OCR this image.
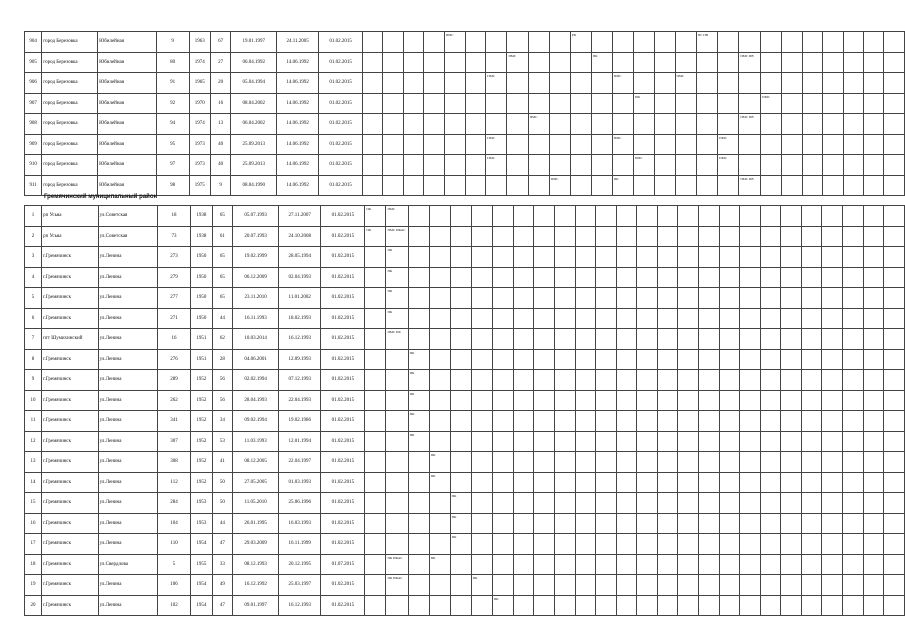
904	город Березовка	Юбилейная	9	1963	67	19.01.1997	24.11.2005	01.02.2015					ПМС						РК						ПС ПВ									
905	город Березовка	Юбилейная	80	1974	27	06.04.1992	14.06.1992	01.02.2015								ПМС				ПК							ПМС ПВ							
906	город Березовка	Юбилейная	91	1965	20	05.04.1994	14.06.1992	01.02.2015							ПМС						ПМС			ПМС										
907	город Березовка	Юбилейная	92	1970	16	08.04.2002	14.06.1992	01.02.2015														ПФ						ПМС						
908	город Березовка	Юбилейная	94	1974	13	06.04.2002	14.06.1992	01.02.2015									ПМС										ПМС ПВ							
909	город Березовка	Юбилейная	95	1973	40	25.09.2013	14.06.1992	01.02.2015							ПМС						ПМС					ПМС								
910	город Березовка	Юбилейная	97	1973	40	25.09.2013	14.06.1992	01.02.2015							ПМС							ПМС				ПМС								
911	город Березовка	Юбилейная	98	1975	9	08.04.1990	14.06.1992	01.02.2015										ПМС			ПК						ПМС ПВ							
Гремячинский муниципальный район
1	рп Усьва	ул.Советская	18	1938	65	05.07.1993	27.11.2007	01.02.2015	ПК	ПМС																								
2	рп Усьва	ул.Советская	73	1938	61	20.07.1993	24.10.2008	01.02.2015	ПК	ПМС ПФАС																								
3	г.Гремячинск	ул.Ленина	273	1950	65	19.02.1999	28.05.1994	01.02.2015		ПК																								
4	г.Гремячинск	ул.Ленина	279	1950	65	06.12.2009	02.04.1993	01.02.2015		ПК																								
5	г.Гремячинск	ул.Ленина	277	1950	65	23.11.2010	11.01.2002	01.02.2015		ПК																								
6	г.Гремячинск	ул.Ленина	271	1950	44	16.11.1993	18.02.1993	01.02.2015		ПК																								
7	пгт Шумихинский	ул.Ленина	16	1951	62	10.03.2014	16.12.1993	01.02.2015		ПМС ПК																								
8	г.Гремячинск	ул.Ленина	276	1951	28	04.06.2001	12.09.1993	01.02.2015			ПК																							
9	г.Гремячинск	ул.Ленина	289	1952	56	02.02.1994	07.12.1993	01.02.2015			ПК																							
10	г.Гремячинск	ул.Ленина	262	1952	56	28.04.1993	22.04.1993	01.02.2015			ПК																							
11	г.Гремячинск	ул.Ленина	341	1952	34	09.02.1994	19.02.1986	01.02.2015			ПК																							
12	г.Гремячинск	ул.Ленина	307	1952	53	11.03.1993	12.01.1994	01.02.2015			ПК																							
13	г.Гремячинск	ул.Ленина	308	1952	41	08.12.2005	22.04.1997	01.02.2015				ПК																						
14	г.Гремячинск	ул.Ленина	112	1952	50	27.05.2005	01.03.1993	01.02.2015				ПК																						
15	г.Гремячинск	ул.Ленина	284	1953	50	11.05.2010	25.06.1996	01.02.2015					ПК																					
16	г.Гремячинск	ул.Ленина	104	1953	44	26.01.1995	16.03.1993	01.02.2015					ПК																					
17	г.Гремячинск	ул.Ленина	110	1954	47	29.03.2009	16.11.1999	01.02.2015					ПК																					
18	г.Гремячинск	ул.Свердлова	5	1955	33	08.12.1993	20.12.1995	01.07.2015		ПК ПФАС		ПК																						
19	г.Гремячинск	ул.Ленина	106	1954	49	16.12.1992	25.03.1997	01.02.2015		ПК ПФАС				ПК																				
20	г.Гремячинск	ул.Ленина	102	1954	47	09.01.1997	16.12.1993	01.02.2015							ПК																			
